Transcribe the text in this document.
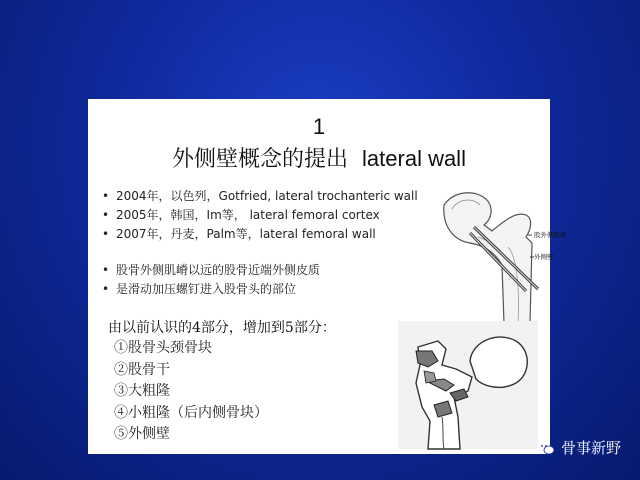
1
外侧壁概念的提出 lateral wall
• 2004年，以色列，Gotfried, lateral trochanteric wall
• 2005年，韩国，Im等， lateral femoral cortex
• 2007年，丹麦，Palm等，lateral femoral wall
• 股骨外侧肌嵴以远的股骨近端外侧皮质
• 是滑动加压螺钉进入股骨头的部位
由以前认识的4部分，增加到5部分：
①股骨头颈骨块
②股骨干
③大粗隆
④小粗隆（后内侧骨块）
⑤外侧壁
股外侧肌嵴
外侧壁
骨事新野
